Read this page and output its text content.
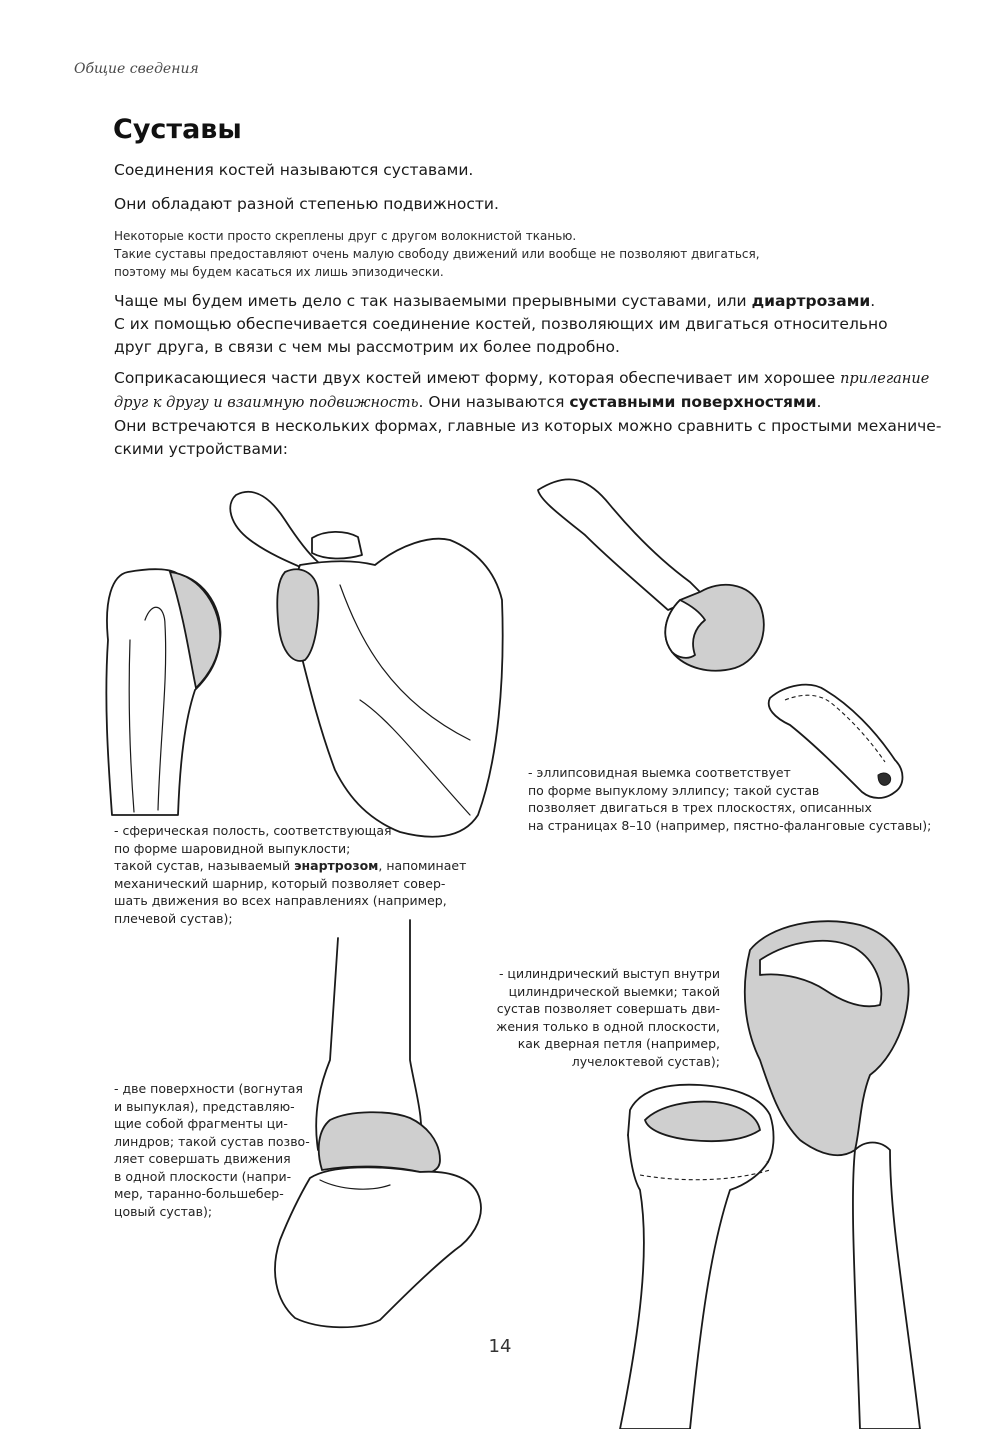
Общие сведения
Суставы

Соединения костей называются суставами.

Они обладают разной степенью подвижности.

Некоторые кости просто скреплены друг с другом волокнистой тканью.
Такие суставы предоставляют очень малую свободу движений или вообще не позволяют двигаться,
поэтому мы будем касаться их лишь эпизодически.
Чаще мы будем иметь дело с так называемыми прерывными суставами, или диартрозами.
С их помощью обеспечивается соединение костей, позволяющих им двигаться относительно
друг друга, в связи с чем мы рассмотрим их более подробно.
Соприкасающиеся части двух костей имеют форму, которая обеспечивает им хорошее прилегание
друг к другу и взаимную подвижность. Они называются суставными поверхностями.
Они встречаются в нескольких формах, главные из которых можно сравнить с простыми механиче-
скими устройствами:
- сферическая полость, соответствующая
по форме шаровидной выпуклости;
такой сустав, называемый энартрозом, напоминает
механический шарнир, который позволяет совер-
шать движения во всех направлениях (например,
плечевой сустав);
- эллипсовидная выемка соответствует
по форме выпуклому эллипсу; такой сустав
позволяет двигаться в трех плоскостях, описанных
на страницах 8–10 (например, пястно-фаланговые суставы);
- цилиндрический выступ внутри
цилиндрической выемки; такой
сустав позволяет совершать дви-
жения только в одной плоскости,
как дверная петля (например,
лучелоктевой сустав);
- две поверхности (вогнутая
и выпуклая), представляю-
щие собой фрагменты ци-
линдров; такой сустав позво-
ляет совершать движения
в одной плоскости (напри-
мер, таранно-большебер-
цовый сустав);
14
